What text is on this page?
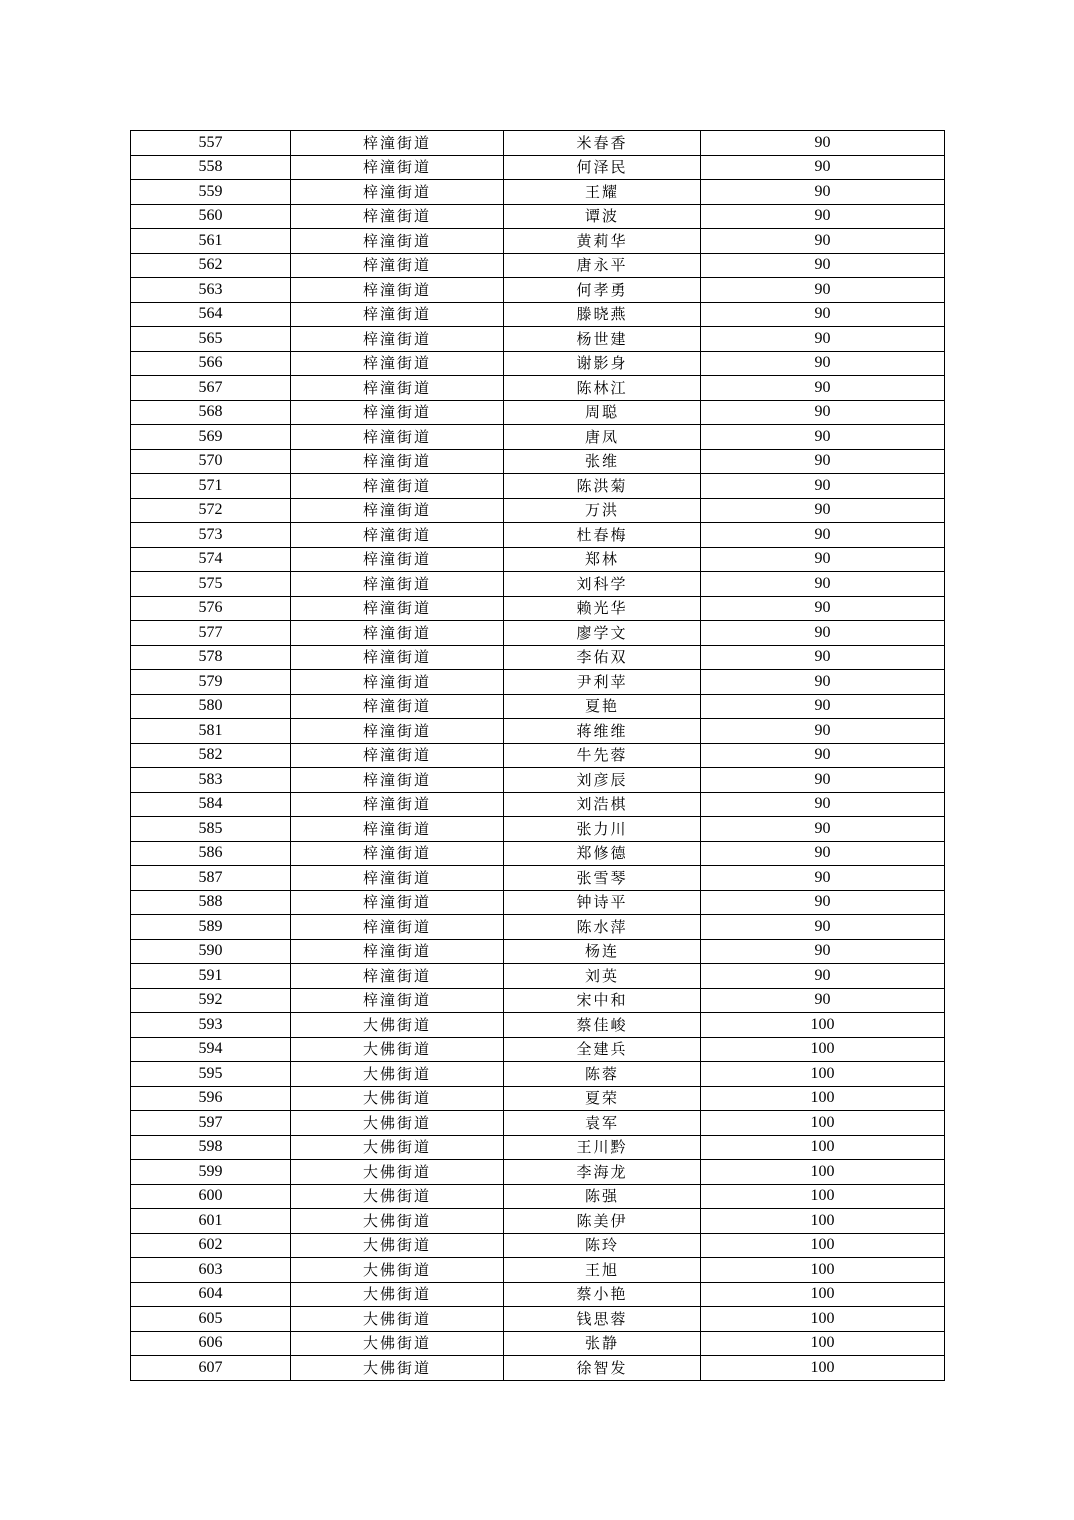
557	梓潼街道	米春香	90
558	梓潼街道	何泽民	90
559	梓潼街道	王耀	90
560	梓潼街道	谭波	90
561	梓潼街道	黄莉华	90
562	梓潼街道	唐永平	90
563	梓潼街道	何孝勇	90
564	梓潼街道	滕晓燕	90
565	梓潼街道	杨世建	90
566	梓潼街道	谢影身	90
567	梓潼街道	陈林江	90
568	梓潼街道	周聪	90
569	梓潼街道	唐凤	90
570	梓潼街道	张维	90
571	梓潼街道	陈洪菊	90
572	梓潼街道	万洪	90
573	梓潼街道	杜春梅	90
574	梓潼街道	郑林	90
575	梓潼街道	刘科学	90
576	梓潼街道	赖光华	90
577	梓潼街道	廖学文	90
578	梓潼街道	李佑双	90
579	梓潼街道	尹利苹	90
580	梓潼街道	夏艳	90
581	梓潼街道	蒋维维	90
582	梓潼街道	牛先蓉	90
583	梓潼街道	刘彦辰	90
584	梓潼街道	刘浩棋	90
585	梓潼街道	张力川	90
586	梓潼街道	郑修德	90
587	梓潼街道	张雪琴	90
588	梓潼街道	钟诗平	90
589	梓潼街道	陈水萍	90
590	梓潼街道	杨连	90
591	梓潼街道	刘英	90
592	梓潼街道	宋中和	90
593	大佛街道	蔡佳峻	100
594	大佛街道	全建兵	100
595	大佛街道	陈蓉	100
596	大佛街道	夏荣	100
597	大佛街道	袁军	100
598	大佛街道	王川黔	100
599	大佛街道	李海龙	100
600	大佛街道	陈强	100
601	大佛街道	陈美伊	100
602	大佛街道	陈玲	100
603	大佛街道	王旭	100
604	大佛街道	蔡小艳	100
605	大佛街道	钱思蓉	100
606	大佛街道	张静	100
607	大佛街道	徐智发	100
